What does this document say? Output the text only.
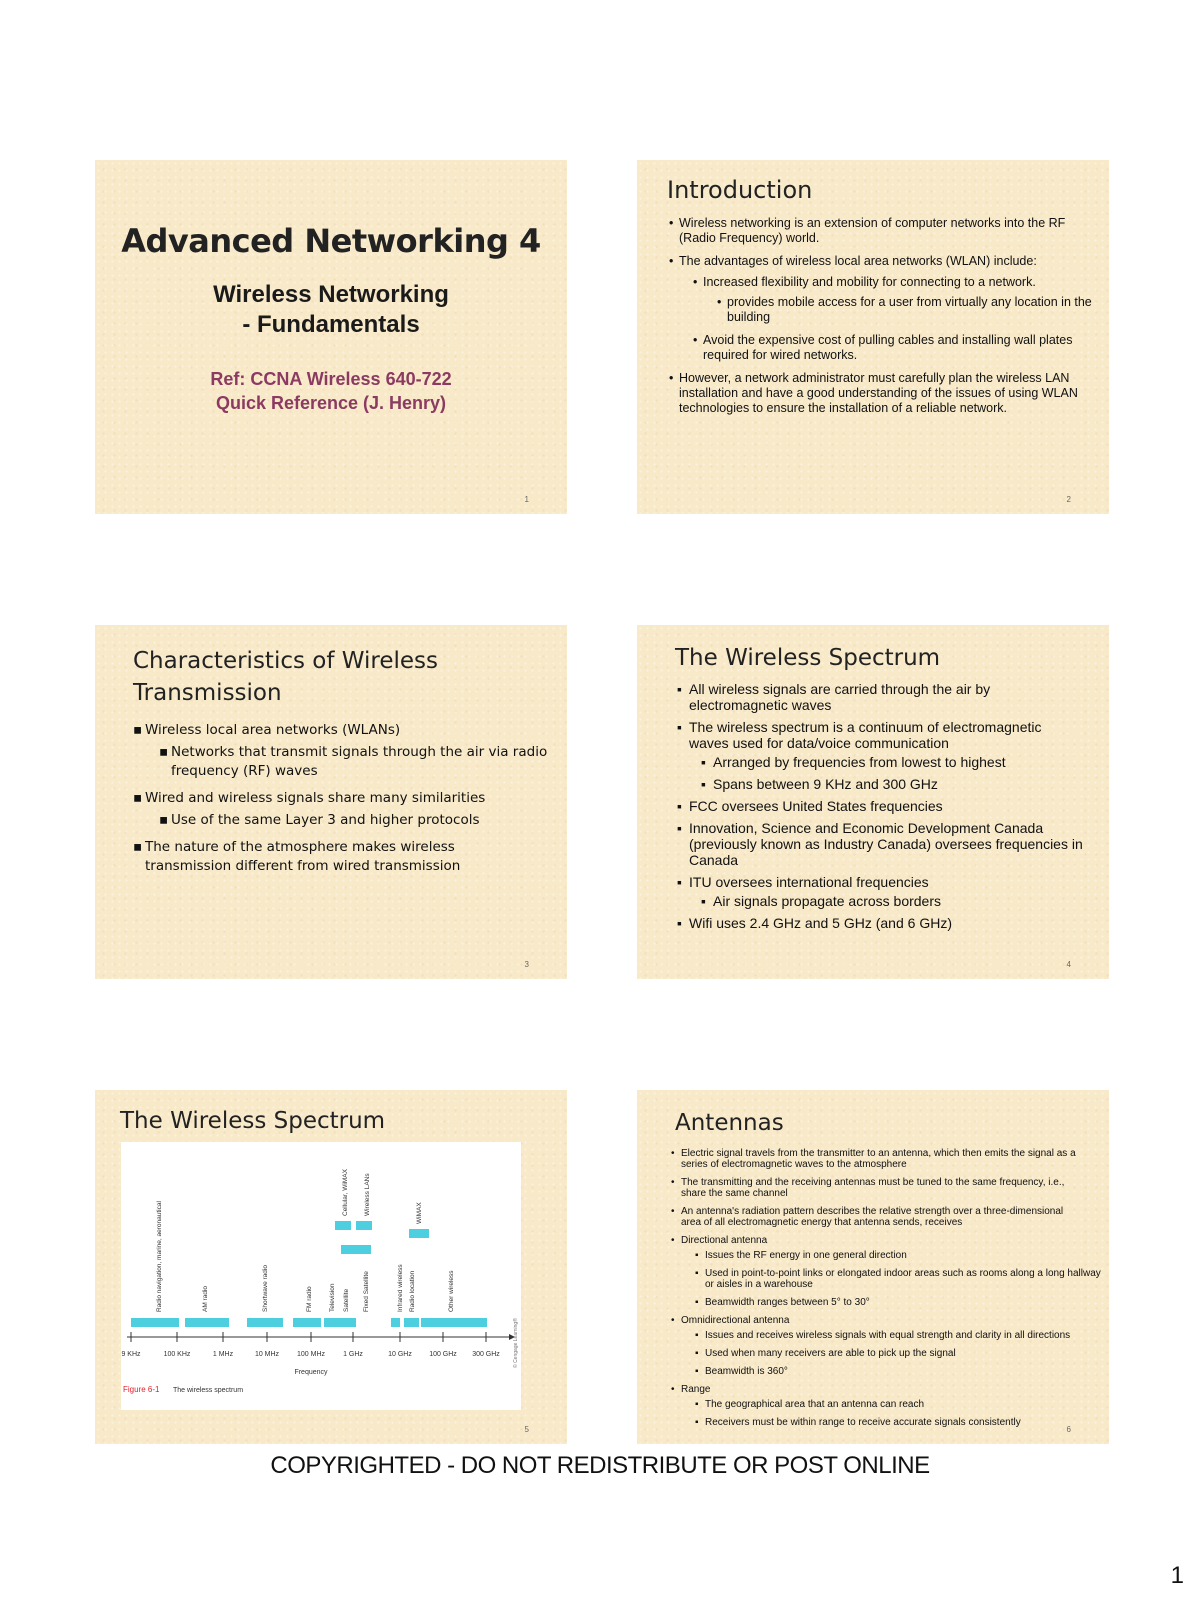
Advanced Networking 4
Wireless Networking
- Fundamentals
Ref: CCNA Wireless 640-722
Quick Reference (J. Henry)
1
Introduction
• Wireless networking is an extension of computer networks into the RF (Radio Frequency) world.
• The advantages of wireless local area networks (WLAN) include:
• Increased flexibility and mobility for connecting to a network.
• provides mobile access for a user from virtually any location in the building
• Avoid the expensive cost of pulling cables and installing wall plates required for wired networks.
• However, a network administrator must carefully plan the wireless LAN installation and have a good understanding of the issues of using WLAN technologies to ensure the installation of a reliable network.
2
Characteristics of Wireless
Transmission
▪ Wireless local area networks (WLANs)
▪ Networks that transmit signals through the air via radio frequency (RF) waves
▪ Wired and wireless signals share many similarities
▪ Use of the same Layer 3 and higher protocols
▪ The nature of the atmosphere makes wireless transmission different from wired transmission
3
The Wireless Spectrum
▪ All wireless signals are carried through the air by electromagnetic waves
▪ The wireless spectrum is a continuum of electromagnetic waves used for data/voice communication
▪ Arranged by frequencies from lowest to highest
▪ Spans between 9 KHz and 300 GHz
▪ FCC oversees United States frequencies
▪ Innovation, Science and Economic Development Canada (previously known as Industry Canada) oversees frequencies in Canada
▪ ITU oversees international frequencies
▪ Air signals propagate across borders
▪ Wifi uses 2.4 GHz and 5 GHz (and 6 GHz)
4
The Wireless Spectrum
9 KHz	100 KHz	1 MHz	10 MHz	100 MHz	1 GHz	10 GHz 100 GHz 300 GHz
Frequency
Radio navigation, marine, aeronautical	AM radio	Shortwave radio	FM radio Television
Cellular, WiMAX Wireless LANs
Satellite Fixed Satellite	Infrared wireless Radio location
WiMAX
Other wireless
© Cengage Learning®
Figure 6-1 The wireless spectrum
5
Antennas
• Electric signal travels from the transmitter to an antenna, which then emits the signal as a series of electromagnetic waves to the atmosphere
• The transmitting and the receiving antennas must be tuned to the same frequency, i.e., share the same channel
• An antenna's radiation pattern describes the relative strength over a three-dimensional area of all electromagnetic energy that antenna sends, receives
• Directional antenna
▪ Issues the RF energy in one general direction
▪ Used in point-to-point links or elongated indoor areas such as rooms along a long hallway or aisles in a warehouse
▪ Beamwidth ranges between 5° to 30°
• Omnidirectional antenna
▪ Issues and receives wireless signals with equal strength and clarity in all directions
▪ Used when many receivers are able to pick up the signal
▪ Beamwidth is 360°
• Range
▪ The geographical area that an antenna can reach
▪ Receivers must be within range to receive accurate signals consistently
6
COPYRIGHTED - DO NOT REDISTRIBUTE OR POST ONLINE
1
